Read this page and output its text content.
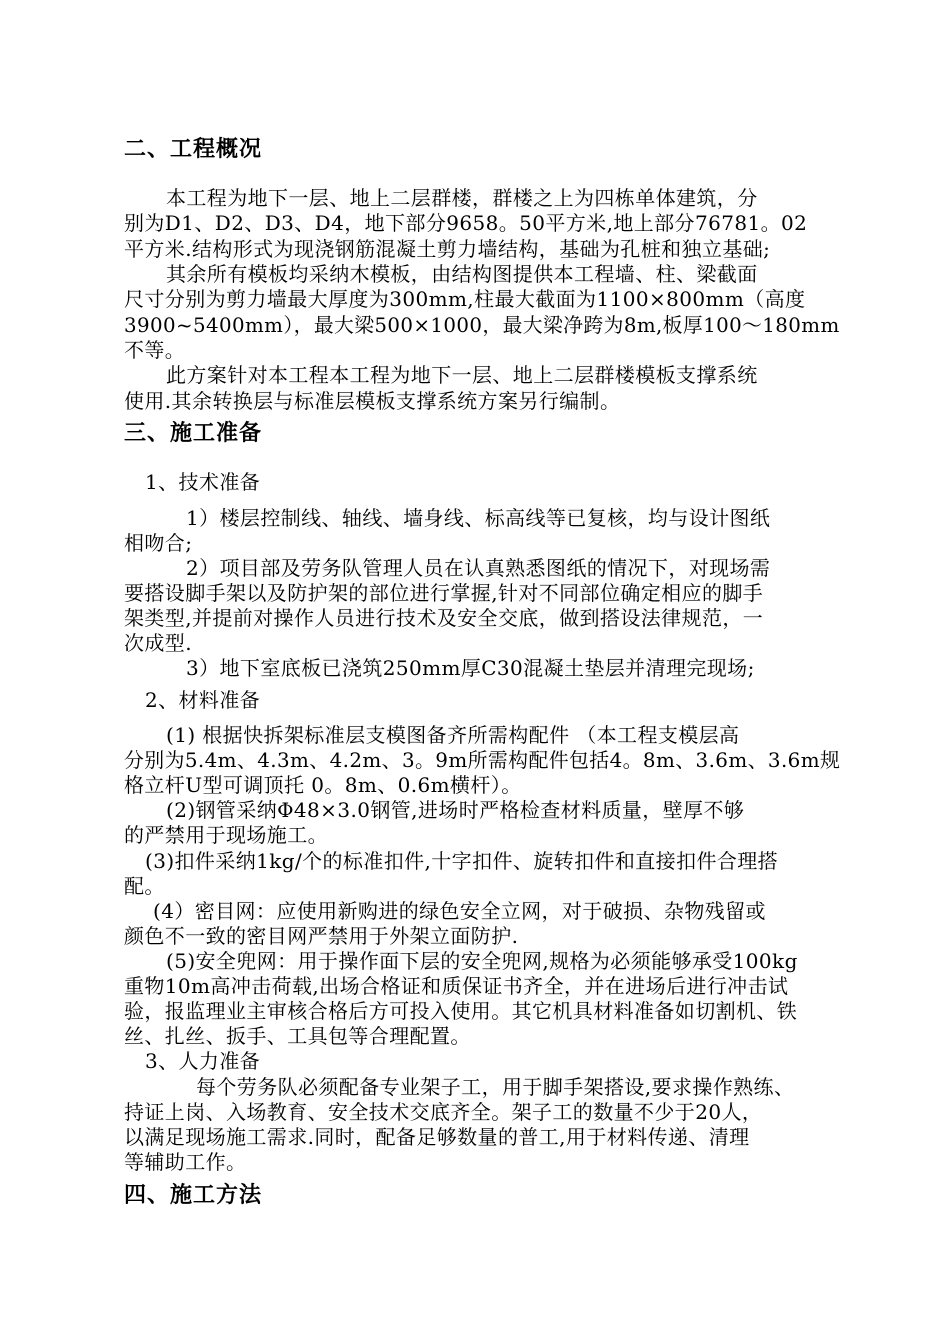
二、工程概况
本工程为地下一层、地上二层群楼，群楼之上为四栋单体建筑，分
别为D1、D2、D3、D4，地下部分9658。50平方米,地上部分76781。02
平方米.结构形式为现浇钢筋混凝土剪力墙结构，基础为孔桩和独立基础;
其余所有模板均采纳木模板，由结构图提供本工程墙、柱、梁截面
尺寸分别为剪力墙最大厚度为300mm,柱最大截面为1100×800mm（高度
3900~5400mm），最大梁500×1000，最大梁净跨为8m,板厚100～180mm
不等。
此方案针对本工程本工程为地下一层、地上二层群楼模板支撑系统
使用.其余转换层与标准层模板支撑系统方案另行编制。
三、施工准备
1、技术准备
1）楼层控制线、轴线、墙身线、标高线等已复核，均与设计图纸
相吻合;
2）项目部及劳务队管理人员在认真熟悉图纸的情况下，对现场需
要搭设脚手架以及防护架的部位进行掌握,针对不同部位确定相应的脚手
架类型,并提前对操作人员进行技术及安全交底，做到搭设法律规范，一
次成型.
3）地下室底板已浇筑250mm厚C30混凝土垫层并清理完现场;
2、材料准备
(1) 根据快拆架标准层支模图备齐所需构配件 （本工程支模层高
分别为5.4m、4.3m、4.2m、3。9m所需构配件包括4。8m、3.6m、3.6m规
格立杆U型可调顶托 0。8m、0.6m横杆）。
(2)钢管采纳Φ48×3.0钢管,进场时严格检查材料质量，壁厚不够
的严禁用于现场施工。
(3)扣件采纳1kg/个的标准扣件,十字扣件、旋转扣件和直接扣件合理搭
配。
(4）密目网：应使用新购进的绿色安全立网，对于破损、杂物残留或
颜色不一致的密目网严禁用于外架立面防护.
(5)安全兜网：用于操作面下层的安全兜网,规格为必须能够承受100kg
重物10m高冲击荷载,出场合格证和质保证书齐全，并在进场后进行冲击试
验，报监理业主审核合格后方可投入使用。其它机具材料准备如切割机、铁
丝、扎丝、扳手、工具包等合理配置。
3、人力准备
每个劳务队必须配备专业架子工，用于脚手架搭设,要求操作熟练、
持证上岗、入场教育、安全技术交底齐全。架子工的数量不少于20人，
以满足现场施工需求.同时，配备足够数量的普工,用于材料传递、清理
等辅助工作。
四、施工方法
